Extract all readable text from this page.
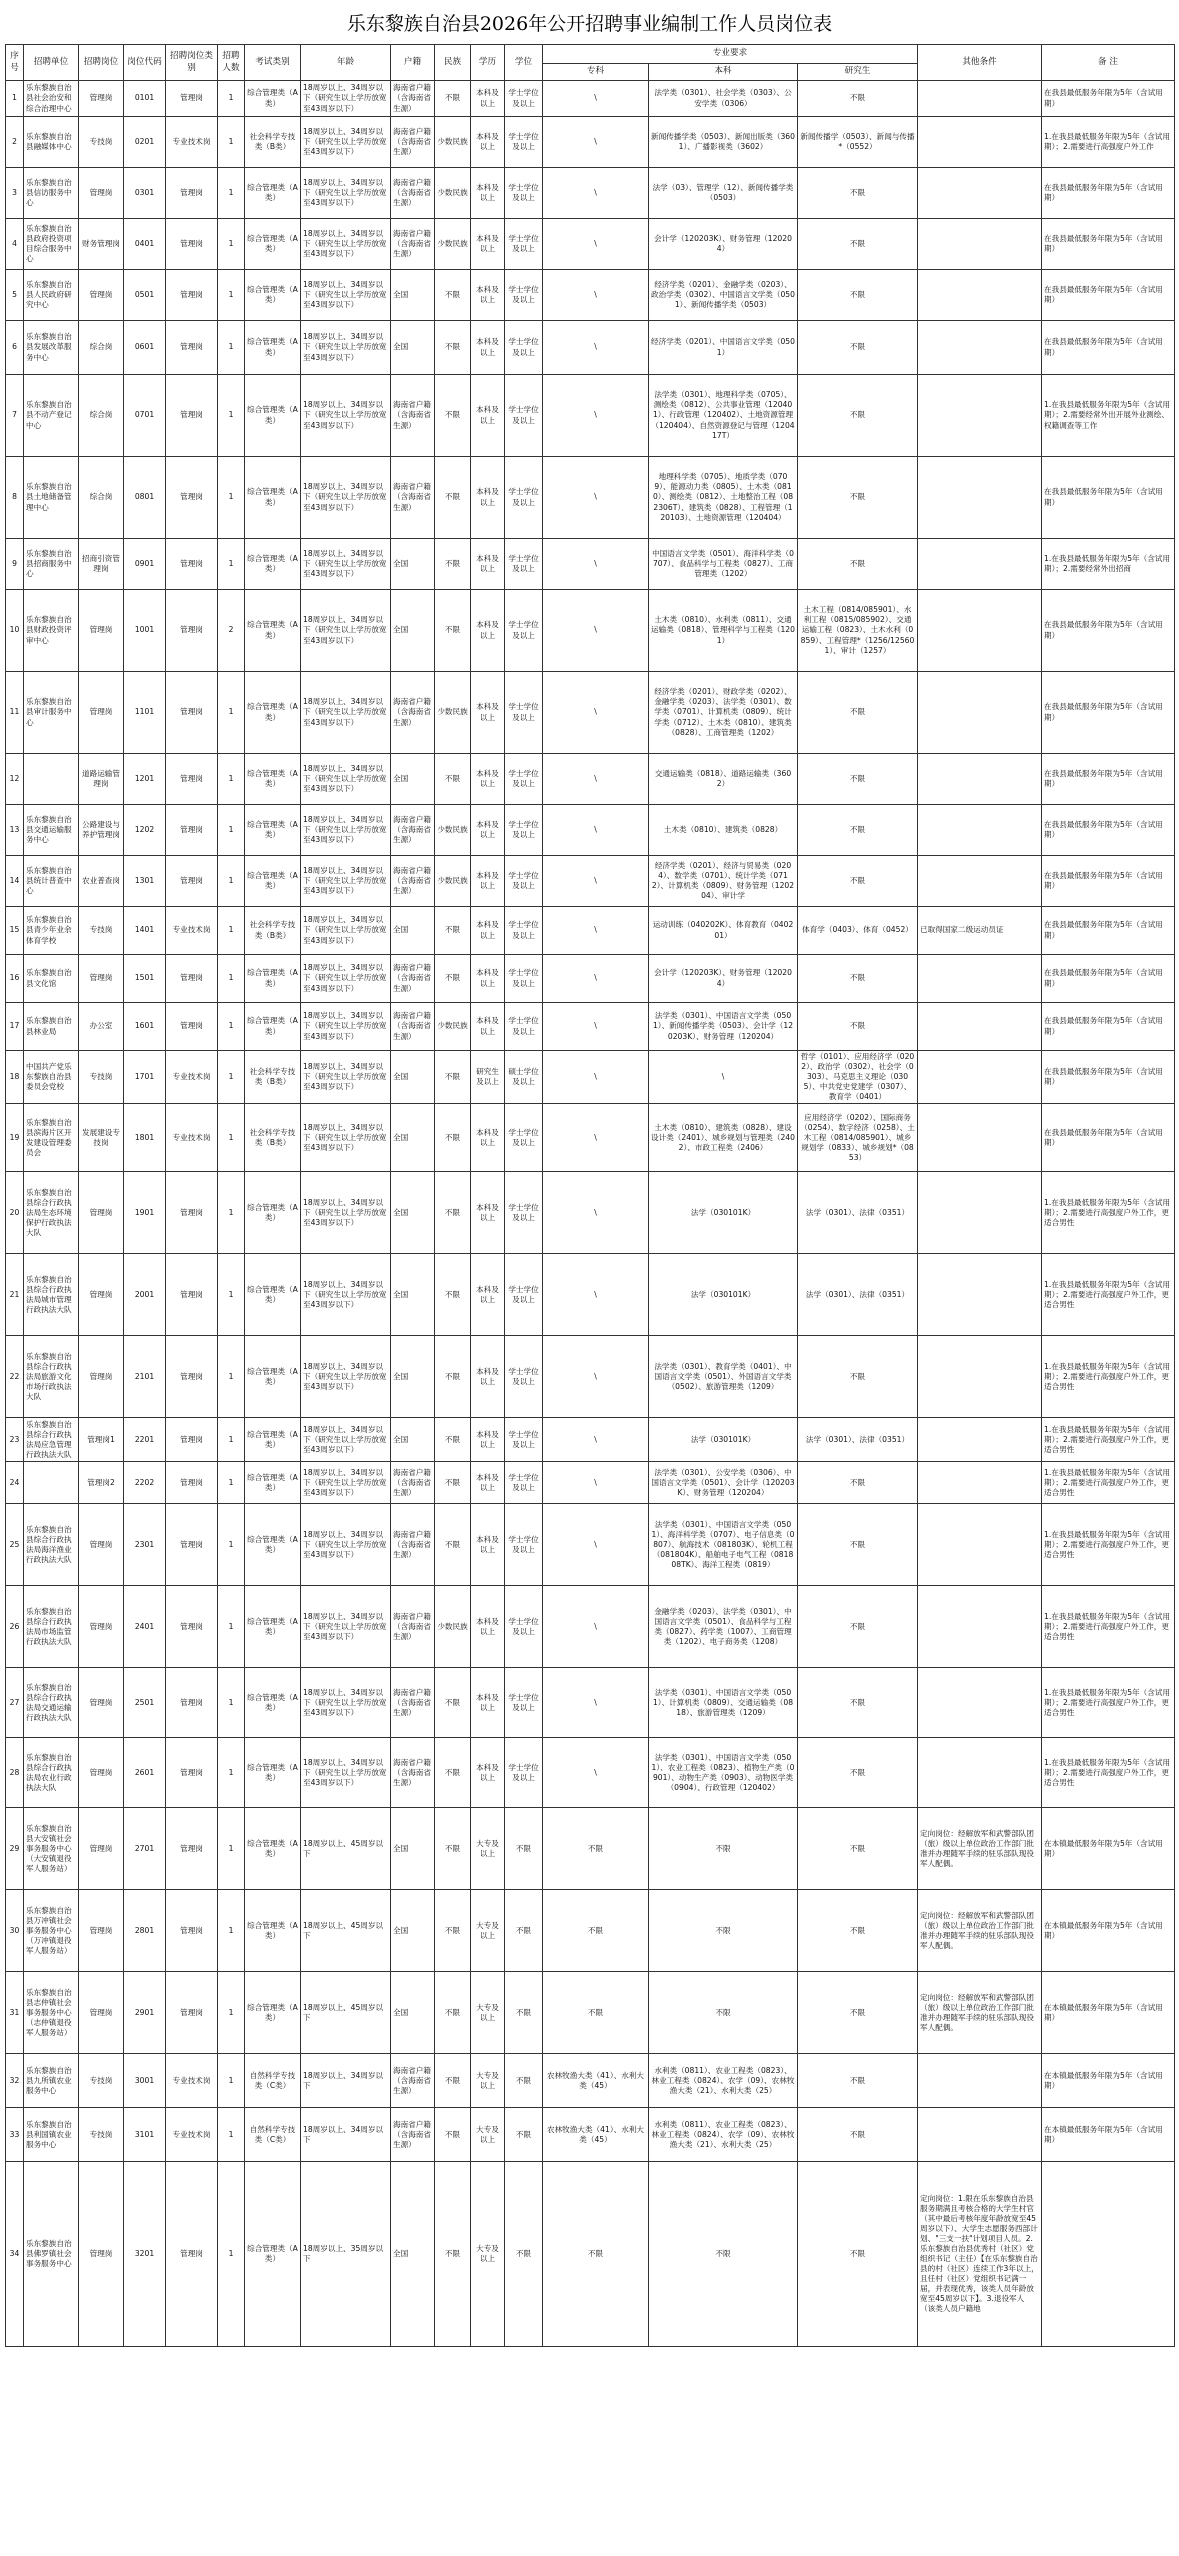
乐东黎族自治县2026年公开招聘事业编制工作人员岗位表
序号	招聘单位	招聘岗位	岗位代码	招聘岗位类别	招聘人数	考试类别	年龄	户籍	民族	学历	学位	专业要求			其他条件	备 注
												专科	本科	研究生		
1	乐东黎族自治县社会治安和综合治理中心	管理岗	0101	管理岗	1	综合管理类（A类）	18周岁以上、34周岁以下（研究生以上学历放宽至43周岁以下）	海南省户籍（含海南省生源）	不限	本科及以上	学士学位及以上	\	法学类（0301）、社会学类（0303）、公安学类（0306）	不限		在我县最低服务年限为5年（含试用期）
2	乐东黎族自治县融媒体中心	专技岗	0201	专业技术岗	1	社会科学专技类（B类）	18周岁以上、34周岁以下（研究生以上学历放宽至43周岁以下）	海南省户籍（含海南省生源）	少数民族	本科及以上	学士学位及以上	\	新闻传播学类（0503）、新闻出版类（3601）、广播影视类（3602）	新闻传播学（0503）、新闻与传播*（0552）		1.在我县最低服务年限为5年（含试用期）；2.需要进行高强度户外工作
3	乐东黎族自治县信访服务中心	管理岗	0301	管理岗	1	综合管理类（A类）	18周岁以上、34周岁以下（研究生以上学历放宽至43周岁以下）	海南省户籍（含海南省生源）	少数民族	本科及以上	学士学位及以上	\	法学（03）、管理学（12）、新闻传播学类（0503）	不限		在我县最低服务年限为5年（含试用期）
4	乐东黎族自治县政府投资项目综合服务中心	财务管理岗	0401	管理岗	1	综合管理类（A类）	18周岁以上、34周岁以下（研究生以上学历放宽至43周岁以下）	海南省户籍（含海南省生源）	少数民族	本科及以上	学士学位及以上	\	会计学（120203K）、财务管理（120204）	不限		在我县最低服务年限为5年（含试用期）
5	乐东黎族自治县人民政府研究中心	管理岗	0501	管理岗	1	综合管理类（A类）	18周岁以上、34周岁以下（研究生以上学历放宽至43周岁以下）	全国	不限	本科及以上	学士学位及以上	\	经济学类（0201）、金融学类（0203）、政治学类（0302）、中国语言文学类（0501）、新闻传播学类（0503）	不限		在我县最低服务年限为5年（含试用期）
6	乐东黎族自治县发展改革服务中心	综合岗	0601	管理岗	1	综合管理类（A类）	18周岁以上、34周岁以下（研究生以上学历放宽至43周岁以下）	全国	不限	本科及以上	学士学位及以上	\	经济学类（0201）、中国语言文学类（0501）	不限		在我县最低服务年限为5年（含试用期）
7	乐东黎族自治县不动产登记中心	综合岗	0701	管理岗	1	综合管理类（A类）	18周岁以上、34周岁以下（研究生以上学历放宽至43周岁以下）	海南省户籍（含海南省生源）	不限	本科及以上	学士学位及以上	\	法学类（0301）、地理科学类（0705）、测绘类（0812）、公共事业管理（120401）、行政管理（120402）、土地资源管理（120404）、自然资源登记与管理（120417T）	不限		1.在我县最低服务年限为5年（含试用期）；2.需要经常外出开展外业测绘、权籍调查等工作
8	乐东黎族自治县土地储备管理中心	综合岗	0801	管理岗	1	综合管理类（A类）	18周岁以上、34周岁以下（研究生以上学历放宽至43周岁以下）	海南省户籍（含海南省生源）	不限	本科及以上	学士学位及以上	\	地理科学类（0705）、地质学类（0709）、能源动力类（0805）、土木类（0810）、测绘类（0812）、土地整治工程（082306T）、建筑类（0828）、工程管理（120103）、土地资源管理（120404）	不限		在我县最低服务年限为5年（含试用期）
9	乐东黎族自治县招商服务中心	招商引资管理岗	0901	管理岗	1	综合管理类（A类）	18周岁以上、34周岁以下（研究生以上学历放宽至43周岁以下）	全国	不限	本科及以上	学士学位及以上	\	中国语言文学类（0501）、海洋科学类（0707）、食品科学与工程类（0827）、工商管理类（1202）	不限		1.在我县最低服务年限为5年（含试用期）；2.需要经常外出招商
10	乐东黎族自治县财政投资评审中心	管理岗	1001	管理岗	2	综合管理类（A类）	18周岁以上、34周岁以下（研究生以上学历放宽至43周岁以下）	全国	不限	本科及以上	学士学位及以上	\	土木类（0810）、水利类（0811）、交通运输类（0818）、管理科学与工程类（1201）	土木工程（0814/085901）、水利工程（0815/085902）、交通运输工程（0823）、土木水利（0859）、工程管理*（1256/125601）、审计（1257）		在我县最低服务年限为5年（含试用期）
11	乐东黎族自治县审计服务中心	管理岗	1101	管理岗	1	综合管理类（A类）	18周岁以上、34周岁以下（研究生以上学历放宽至43周岁以下）	海南省户籍（含海南省生源）	少数民族	本科及以上	学士学位及以上	\	经济学类（0201）、财政学类（0202）、金融学类（0203）、法学类（0301）、数学类（0701）、计算机类（0809）、统计学类（0712）、土木类（0810）、建筑类（0828）、工商管理类（1202）	不限		在我县最低服务年限为5年（含试用期）
12		道路运输管理岗	1201	管理岗	1	综合管理类（A类）	18周岁以上、34周岁以下（研究生以上学历放宽至43周岁以下）	全国	不限	本科及以上	学士学位及以上	\	交通运输类（0818）、道路运输类（3602）	不限		在我县最低服务年限为5年（含试用期）
13	乐东黎族自治县交通运输服务中心	公路建设与养护管理岗	1202	管理岗	1	综合管理类（A类）	18周岁以上、34周岁以下（研究生以上学历放宽至43周岁以下）	海南省户籍（含海南省生源）	少数民族	本科及以上	学士学位及以上	\	土木类（0810）、建筑类（0828）	不限		在我县最低服务年限为5年（含试用期）
14	乐东黎族自治县统计普查中心	农业普查岗	1301	管理岗	1	综合管理类（A类）	18周岁以上、34周岁以下（研究生以上学历放宽至43周岁以下）	海南省户籍（含海南省生源）	少数民族	本科及以上	学士学位及以上	\	经济学类（0201）、经济与贸易类（0204）、数学类（0701）、统计学类（0712）、计算机类（0809）、财务管理（120204）、审计学	不限		在我县最低服务年限为5年（含试用期）
15	乐东黎族自治县青少年业余体育学校	专技岗	1401	专业技术岗	1	社会科学专技类（B类）	18周岁以上、34周岁以下（研究生以上学历放宽至43周岁以下）	全国	不限	本科及以上	学士学位及以上	\	运动训练（040202K）、体育教育（040201）	体育学（0403）、体育（0452）	已取得国家二级运动员证	在我县最低服务年限为5年（含试用期）
16	乐东黎族自治县文化馆	管理岗	1501	管理岗	1	综合管理类（A类）	18周岁以上、34周岁以下（研究生以上学历放宽至43周岁以下）	海南省户籍（含海南省生源）	不限	本科及以上	学士学位及以上	\	会计学（120203K）、财务管理（120204）	不限		在我县最低服务年限为5年（含试用期）
17	乐东黎族自治县林业局	办公室	1601	管理岗	1	综合管理类（A类）	18周岁以上、34周岁以下（研究生以上学历放宽至43周岁以下）	海南省户籍（含海南省生源）	少数民族	本科及以上	学士学位及以上	\	法学类（0301）、中国语言文学类（0501）、新闻传播学类（0503）、会计学（120203K）、财务管理（120204）	不限		在我县最低服务年限为5年（含试用期）
18	中国共产党乐东黎族自治县委员会党校	专技岗	1701	专业技术岗	1	社会科学专技类（B类）	18周岁以上、34周岁以下（研究生以上学历放宽至43周岁以下）	全国	不限	研究生及以上	硕士学位及以上	\	\	哲学（0101）、应用经济学（0202）、政治学（0302）、社会学（0303）、马克思主义理论（0305）、中共党史党建学（0307）、教育学（0401）		在我县最低服务年限为5年（含试用期）
19	乐东黎族自治县滨海片区开发建设管理委员会	发展建设专技岗	1801	专业技术岗	1	社会科学专技类（B类）	18周岁以上、34周岁以下（研究生以上学历放宽至43周岁以下）	全国	不限	本科及以上	学士学位及以上	\	土木类（0810）、建筑类（0828）、建设设计类（2401）、城乡规划与管理类（2402）、市政工程类（2406）	应用经济学（0202）、国际商务（0254）、数字经济（0258）、土木工程（0814/085901）、城乡规划学（0833）、城乡规划*（0853）		在我县最低服务年限为5年（含试用期）
20	乐东黎族自治县综合行政执法局生态环境保护行政执法大队	管理岗	1901	管理岗	1	综合管理类（A类）	18周岁以上、34周岁以下（研究生以上学历放宽至43周岁以下）	全国	不限	本科及以上	学士学位及以上	\	法学（030101K）	法学（0301）、法律（0351）		1.在我县最低服务年限为5年（含试用期）；2.需要进行高强度户外工作，更适合男性
21	乐东黎族自治县综合行政执法局城市管理行政执法大队	管理岗	2001	管理岗	1	综合管理类（A类）	18周岁以上、34周岁以下（研究生以上学历放宽至43周岁以下）	全国	不限	本科及以上	学士学位及以上	\	法学（030101K）	法学（0301）、法律（0351）		1.在我县最低服务年限为5年（含试用期）；2.需要进行高强度户外工作，更适合男性
22	乐东黎族自治县综合行政执法局旅游文化市场行政执法大队	管理岗	2101	管理岗	1	综合管理类（A类）	18周岁以上、34周岁以下（研究生以上学历放宽至43周岁以下）	全国	不限	本科及以上	学士学位及以上	\	法学类（0301）、教育学类（0401）、中国语言文学类（0501）、外国语言文学类（0502）、旅游管理类（1209）	不限		1.在我县最低服务年限为5年（含试用期）；2.需要进行高强度户外工作，更适合男性
23	乐东黎族自治县综合行政执法局应急管理行政执法大队	管理岗1	2201	管理岗	1	综合管理类（A类）	18周岁以上、34周岁以下（研究生以上学历放宽至43周岁以下）	全国	不限	本科及以上	学士学位及以上	\	法学（030101K）	法学（0301）、法律（0351）		1.在我县最低服务年限为5年（含试用期）；2.需要进行高强度户外工作，更适合男性
24		管理岗2	2202	管理岗	1	综合管理类（A类）	18周岁以上、34周岁以下（研究生以上学历放宽至43周岁以下）	海南省户籍（含海南省生源）	不限	本科及以上	学士学位及以上	\	法学类（0301）、公安学类（0306）、中国语言文学类（0501）、会计学（120203K）、财务管理（120204）	不限		1.在我县最低服务年限为5年（含试用期）；2.需要进行高强度户外工作，更适合男性
25	乐东黎族自治县综合行政执法局海洋渔业行政执法大队	管理岗	2301	管理岗	1	综合管理类（A类）	18周岁以上、34周岁以下（研究生以上学历放宽至43周岁以下）	海南省户籍（含海南省生源）	不限	本科及以上	学士学位及以上	\	法学类（0301）、中国语言文学类（0501）、海洋科学类（0707）、电子信息类（0807）、航海技术（081803K）、轮机工程（081804K）、船舶电子电气工程（081808TK）、海洋工程类（0819）	不限		1.在我县最低服务年限为5年（含试用期）；2.需要进行高强度户外工作，更适合男性
26	乐东黎族自治县综合行政执法局市场监管行政执法大队	管理岗	2401	管理岗	1	综合管理类（A类）	18周岁以上、34周岁以下（研究生以上学历放宽至43周岁以下）	海南省户籍（含海南省生源）	少数民族	本科及以上	学士学位及以上	\	金融学类（0203）、法学类（0301）、中国语言文学类（0501）、食品科学与工程类（0827）、药学类（1007）、工商管理类（1202）、电子商务类（1208）	不限		1.在我县最低服务年限为5年（含试用期）；2.需要进行高强度户外工作，更适合男性
27	乐东黎族自治县综合行政执法局交通运输行政执法大队	管理岗	2501	管理岗	1	综合管理类（A类）	18周岁以上、34周岁以下（研究生以上学历放宽至43周岁以下）	海南省户籍（含海南省生源）	不限	本科及以上	学士学位及以上	\	法学类（0301）、中国语言文学类（0501）、计算机类（0809）、交通运输类（0818）、旅游管理类（1209）	不限		1.在我县最低服务年限为5年（含试用期）；2.需要进行高强度户外工作，更适合男性
28	乐东黎族自治县综合行政执法局农业行政执法大队	管理岗	2601	管理岗	1	综合管理类（A类）	18周岁以上、34周岁以下（研究生以上学历放宽至43周岁以下）	海南省户籍（含海南省生源）	不限	本科及以上	学士学位及以上	\	法学类（0301）、中国语言文学类（0501）、农业工程类（0823）、植物生产类（0901）、动物生产类（0903）、动物医学类（0904）、行政管理（120402）	不限		1.在我县最低服务年限为5年（含试用期）；2.需要进行高强度户外工作，更适合男性
29	乐东黎族自治县大安镇社会事务服务中心（大安镇退役军人服务站）	管理岗	2701	管理岗	1	综合管理类（A类）	18周岁以上、45周岁以下	全国	不限	大专及以上	不限	不限	不限	不限	定向岗位：经解放军和武警部队团（旅）级以上单位政治工作部门批准并办理随军手续的驻乐部队现役军人配偶。	在本镇最低服务年限为5年（含试用期）
30	乐东黎族自治县万冲镇社会事务服务中心（万冲镇退役军人服务站）	管理岗	2801	管理岗	1	综合管理类（A类）	18周岁以上、45周岁以下	全国	不限	大专及以上	不限	不限	不限	不限	定向岗位：经解放军和武警部队团（旅）级以上单位政治工作部门批准并办理随军手续的驻乐部队现役军人配偶。	在本镇最低服务年限为5年（含试用期）
31	乐东黎族自治县志仲镇社会事务服务中心（志仲镇退役军人服务站）	管理岗	2901	管理岗	1	综合管理类（A类）	18周岁以上、45周岁以下	全国	不限	大专及以上	不限	不限	不限	不限	定向岗位：经解放军和武警部队团（旅）级以上单位政治工作部门批准并办理随军手续的驻乐部队现役军人配偶。	在本镇最低服务年限为5年（含试用期）
32	乐东黎族自治县九所镇农业服务中心	专技岗	3001	专业技术岗	1	自然科学专技类（C类）	18周岁以上、34周岁以下	海南省户籍（含海南省生源）	不限	大专及以上	不限	农林牧渔大类（41）、水利大类（45）	水利类（0811）、农业工程类（0823）、林业工程类（0824）、农学（09）、农林牧渔大类（21）、水利大类（25）	不限		在本镇最低服务年限为5年（含试用期）
33	乐东黎族自治县利国镇农业服务中心	专技岗	3101	专业技术岗	1	自然科学专技类（C类）	18周岁以上、34周岁以下	海南省户籍（含海南省生源）	不限	大专及以上	不限	农林牧渔大类（41）、水利大类（45）	水利类（0811）、农业工程类（0823）、林业工程类（0824）、农学（09）、农林牧渔大类（21）、水利大类（25）	不限		在本镇最低服务年限为5年（含试用期）
34	乐东黎族自治县佛罗镇社会事务服务中心	管理岗	3201	管理岗	1	综合管理类（A类）	18周岁以上、35周岁以下	全国	不限	大专及以上	不限	不限	不限	不限	定向岗位：1.限在乐东黎族自治县服务期满且考核合格的大学生村官（其中最后考核年度年龄放宽至45周岁以下）、大学生志愿服务西部计划、"三支一扶"计划项目人员。2.乐东黎族自治县优秀村（社区）党组织书记（主任）【在乐东黎族自治县的村（社区）连续工作3年以上，且任村（社区）党组织书记满一届，并表现优秀，该类人员年龄放宽至45周岁以下】。3.退役军人（该类人员户籍地	
